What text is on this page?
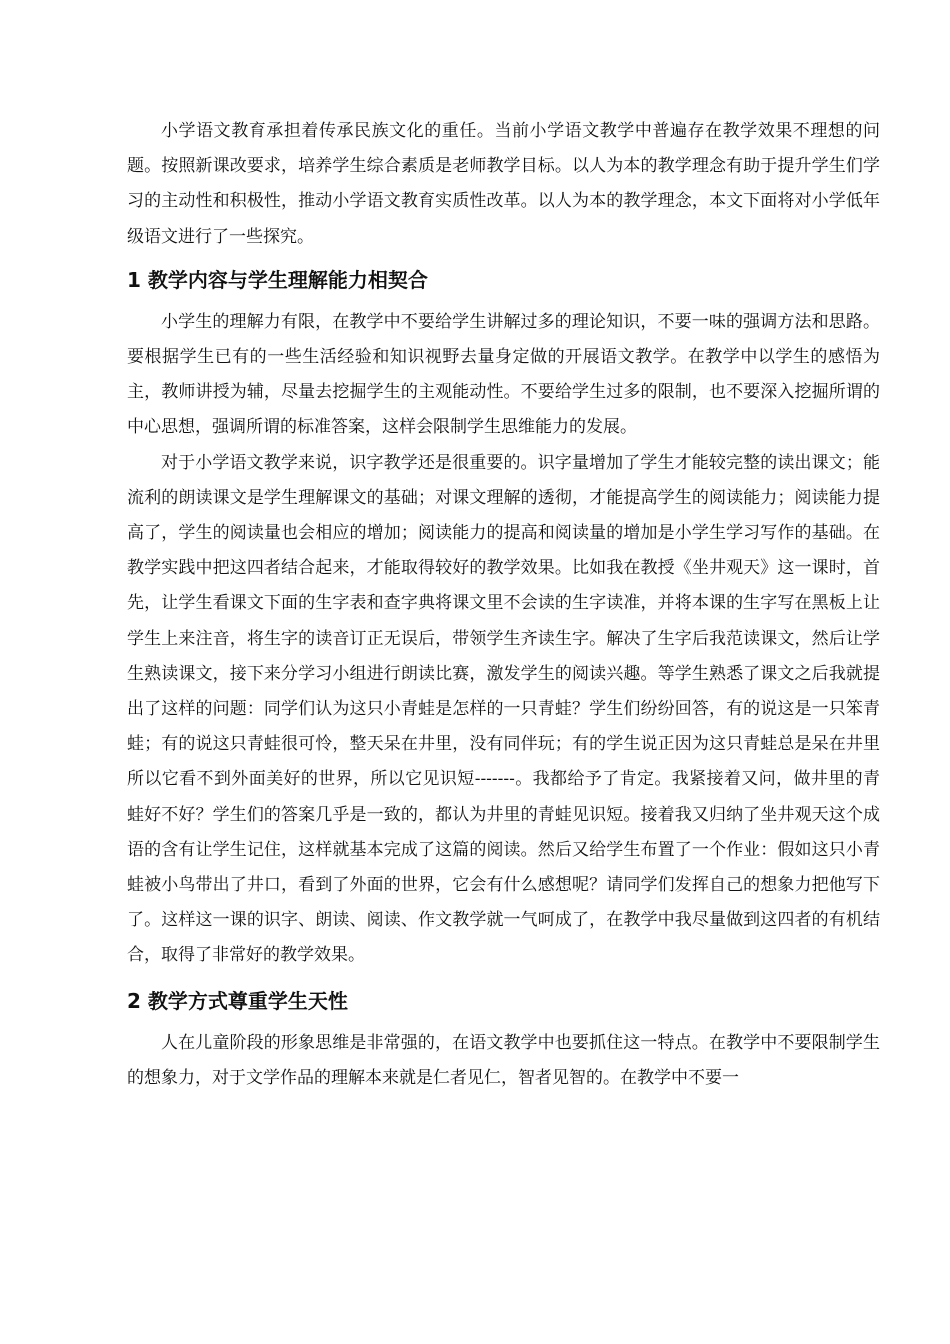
小学语文教育承担着传承民族文化的重任。当前小学语文教学中普遍存在教学效果不理想的问题。按照新课改要求，培养学生综合素质是老师教学目标。以人为本的教学理念有助于提升学生们学习的主动性和积极性，推动小学语文教育实质性改革。以人为本的教学理念，本文下面将对小学低年级语文进行了一些探究。

1 教学内容与学生理解能力相契合

小学生的理解力有限，在教学中不要给学生讲解过多的理论知识，不要一味的强调方法和思路。要根据学生已有的一些生活经验和知识视野去量身定做的开展语文教学。在教学中以学生的感悟为主，教师讲授为辅，尽量去挖掘学生的主观能动性。不要给学生过多的限制，也不要深入挖掘所谓的中心思想，强调所谓的标准答案，这样会限制学生思维能力的发展。

对于小学语文教学来说，识字教学还是很重要的。识字量增加了学生才能较完整的读出课文；能流利的朗读课文是学生理解课文的基础；对课文理解的透彻，才能提高学生的阅读能力；阅读能力提高了，学生的阅读量也会相应的增加；阅读能力的提高和阅读量的增加是小学生学习写作的基础。在教学实践中把这四者结合起来，才能取得较好的教学效果。比如我在教授《坐井观天》这一课时，首先，让学生看课文下面的生字表和查字典将课文里不会读的生字读准，并将本课的生字写在黑板上让学生上来注音，将生字的读音订正无误后，带领学生齐读生字。解决了生字后我范读课文，然后让学生熟读课文，接下来分学习小组进行朗读比赛，激发学生的阅读兴趣。等学生熟悉了课文之后我就提出了这样的问题：同学们认为这只小青蛙是怎样的一只青蛙？学生们纷纷回答，有的说这是一只笨青蛙；有的说这只青蛙很可怜，整天呆在井里，没有同伴玩；有的学生说正因为这只青蛙总是呆在井里所以它看不到外面美好的世界，所以它见识短-------。我都给予了肯定。我紧接着又问，做井里的青蛙好不好？学生们的答案几乎是一致的，都认为井里的青蛙见识短。接着我又归纳了坐井观天这个成语的含有让学生记住，这样就基本完成了这篇的阅读。然后又给学生布置了一个作业：假如这只小青蛙被小鸟带出了井口，看到了外面的世界，它会有什么感想呢？请同学们发挥自己的想象力把他写下了。这样这一课的识字、朗读、阅读、作文教学就一气呵成了，在教学中我尽量做到这四者的有机结合，取得了非常好的教学效果。

2 教学方式尊重学生天性

人在儿童阶段的形象思维是非常强的，在语文教学中也要抓住这一特点。在教学中不要限制学生的想象力，对于文学作品的理解本来就是仁者见仁，智者见智的。在教学中不要一
